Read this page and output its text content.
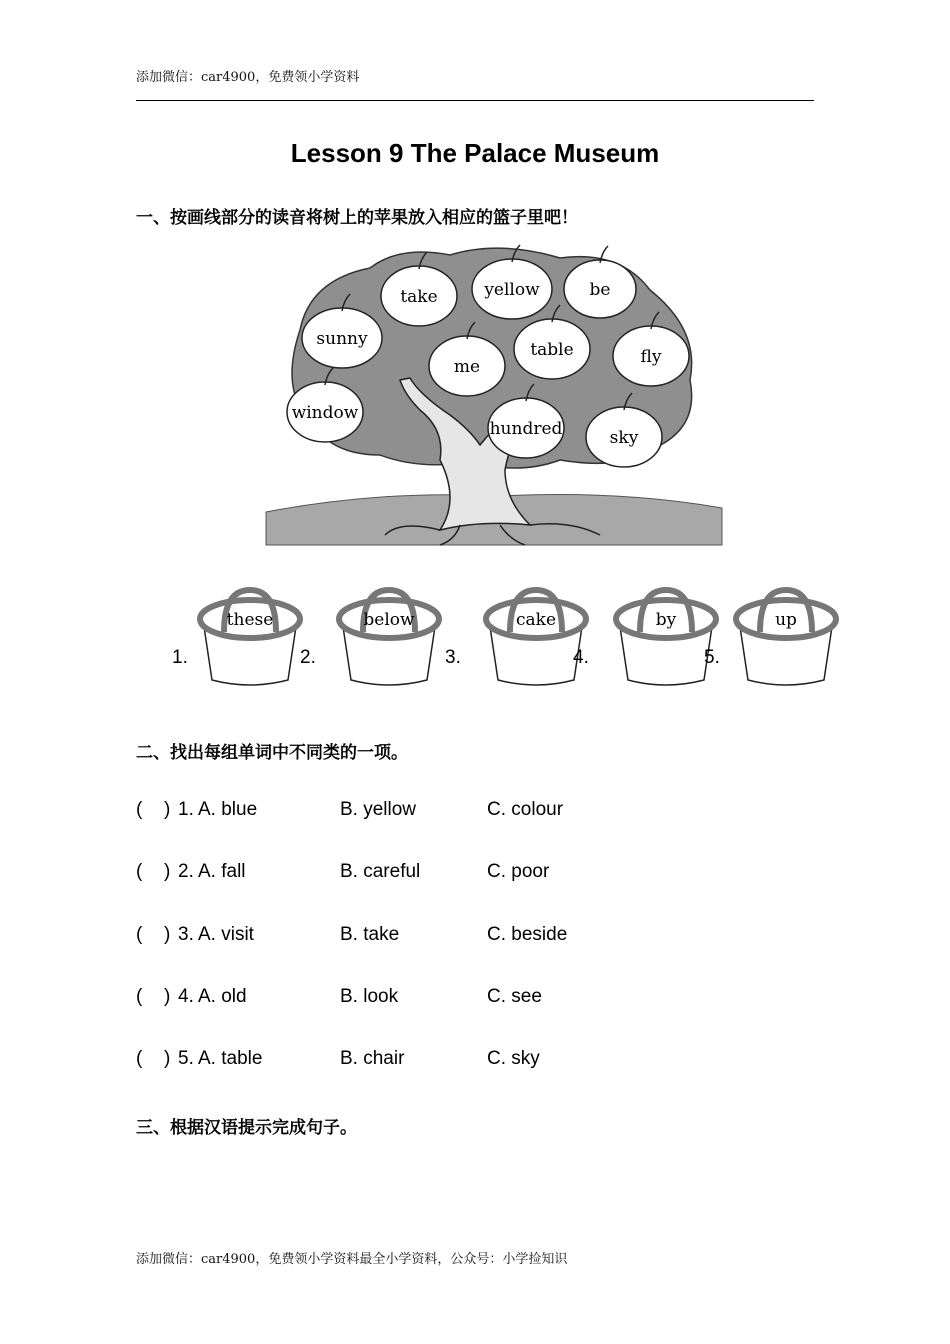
添加微信：car4900，免费领小学资料
Lesson 9 The Palace Museum
一、按画线部分的读音将树上的苹果放入相应的篮子里吧！
take	yellow	be
sunny
me
table	fly
window
hundred	sky
these
1.
below
2.
cake
3.
by
4.
up
5.
二、找出每组单词中不同类的一项。
( ) 1. A. blue	B. yellow	C. colour
( ) 2. A. fall	B. careful	C. poor
( ) 3. A. visit	B. take	C. beside
( ) 4. A. old	B. look	C. see
( ) 5. A. table	B. chair	C. sky
三、根据汉语提示完成句子。
添加微信：car4900，免费领小学资料最全小学资料，公众号：小学捡知识
